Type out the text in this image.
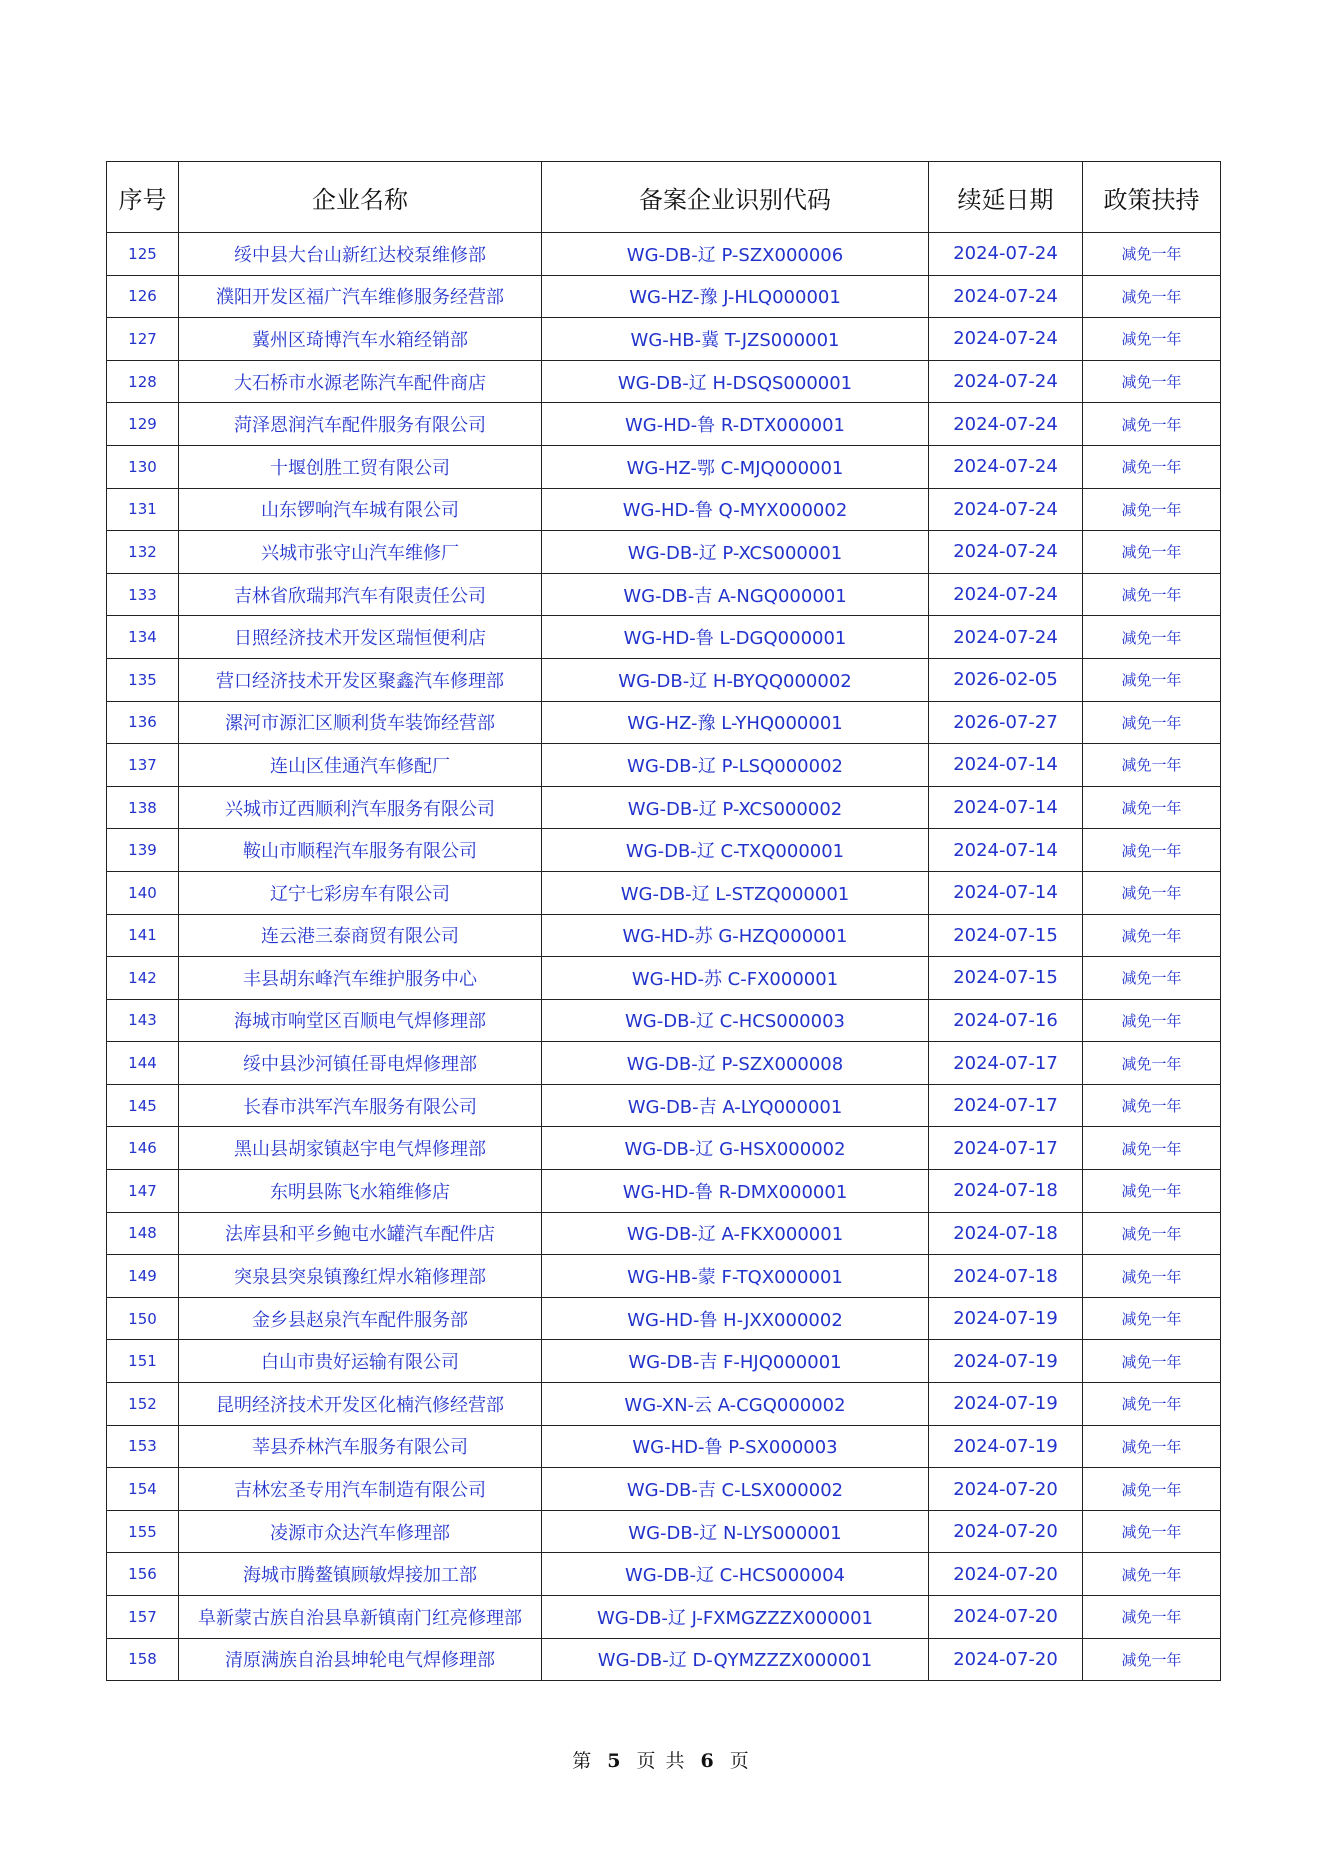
序号	企业名称	备案企业识别代码	续延日期	政策扶持
125	绥中县大台山新红达校泵维修部	WG-DB-辽 P-SZX000006	2024-07-24	减免一年
126	濮阳开发区福广汽车维修服务经营部	WG-HZ-豫 J-HLQ000001	2024-07-24	减免一年
127	冀州区琦博汽车水箱经销部	WG-HB-冀 T-JZS000001	2024-07-24	减免一年
128	大石桥市水源老陈汽车配件商店	WG-DB-辽 H-DSQS000001	2024-07-24	减免一年
129	菏泽恩润汽车配件服务有限公司	WG-HD-鲁 R-DTX000001	2024-07-24	减免一年
130	十堰创胜工贸有限公司	WG-HZ-鄂 C-MJQ000001	2024-07-24	减免一年
131	山东锣响汽车城有限公司	WG-HD-鲁 Q-MYX000002	2024-07-24	减免一年
132	兴城市张守山汽车维修厂	WG-DB-辽 P-XCS000001	2024-07-24	减免一年
133	吉林省欣瑞邦汽车有限责任公司	WG-DB-吉 A-NGQ000001	2024-07-24	减免一年
134	日照经济技术开发区瑞恒便利店	WG-HD-鲁 L-DGQ000001	2024-07-24	减免一年
135	营口经济技术开发区聚鑫汽车修理部	WG-DB-辽 H-BYQQ000002	2026-02-05	减免一年
136	漯河市源汇区顺利货车装饰经营部	WG-HZ-豫 L-YHQ000001	2026-07-27	减免一年
137	连山区佳通汽车修配厂	WG-DB-辽 P-LSQ000002	2024-07-14	减免一年
138	兴城市辽西顺利汽车服务有限公司	WG-DB-辽 P-XCS000002	2024-07-14	减免一年
139	鞍山市顺程汽车服务有限公司	WG-DB-辽 C-TXQ000001	2024-07-14	减免一年
140	辽宁七彩房车有限公司	WG-DB-辽 L-STZQ000001	2024-07-14	减免一年
141	连云港三泰商贸有限公司	WG-HD-苏 G-HZQ000001	2024-07-15	减免一年
142	丰县胡东峰汽车维护服务中心	WG-HD-苏 C-FX000001	2024-07-15	减免一年
143	海城市响堂区百顺电气焊修理部	WG-DB-辽 C-HCS000003	2024-07-16	减免一年
144	绥中县沙河镇任哥电焊修理部	WG-DB-辽 P-SZX000008	2024-07-17	减免一年
145	长春市洪军汽车服务有限公司	WG-DB-吉 A-LYQ000001	2024-07-17	减免一年
146	黑山县胡家镇赵宇电气焊修理部	WG-DB-辽 G-HSX000002	2024-07-17	减免一年
147	东明县陈飞水箱维修店	WG-HD-鲁 R-DMX000001	2024-07-18	减免一年
148	法库县和平乡鲍屯水罐汽车配件店	WG-DB-辽 A-FKX000001	2024-07-18	减免一年
149	突泉县突泉镇豫红焊水箱修理部	WG-HB-蒙 F-TQX000001	2024-07-18	减免一年
150	金乡县赵泉汽车配件服务部	WG-HD-鲁 H-JXX000002	2024-07-19	减免一年
151	白山市贵好运输有限公司	WG-DB-吉 F-HJQ000001	2024-07-19	减免一年
152	昆明经济技术开发区化楠汽修经营部	WG-XN-云 A-CGQ000002	2024-07-19	减免一年
153	莘县乔林汽车服务有限公司	WG-HD-鲁 P-SX000003	2024-07-19	减免一年
154	吉林宏圣专用汽车制造有限公司	WG-DB-吉 C-LSX000002	2024-07-20	减免一年
155	凌源市众达汽车修理部	WG-DB-辽 N-LYS000001	2024-07-20	减免一年
156	海城市腾鳌镇顾敏焊接加工部	WG-DB-辽 C-HCS000004	2024-07-20	减免一年
157	阜新蒙古族自治县阜新镇南门红亮修理部	WG-DB-辽 J-FXMGZZZX000001	2024-07-20	减免一年
158	清原满族自治县坤轮电气焊修理部	WG-DB-辽 D-QYMZZZX000001	2024-07-20	减免一年
第 5 页 共 6 页
